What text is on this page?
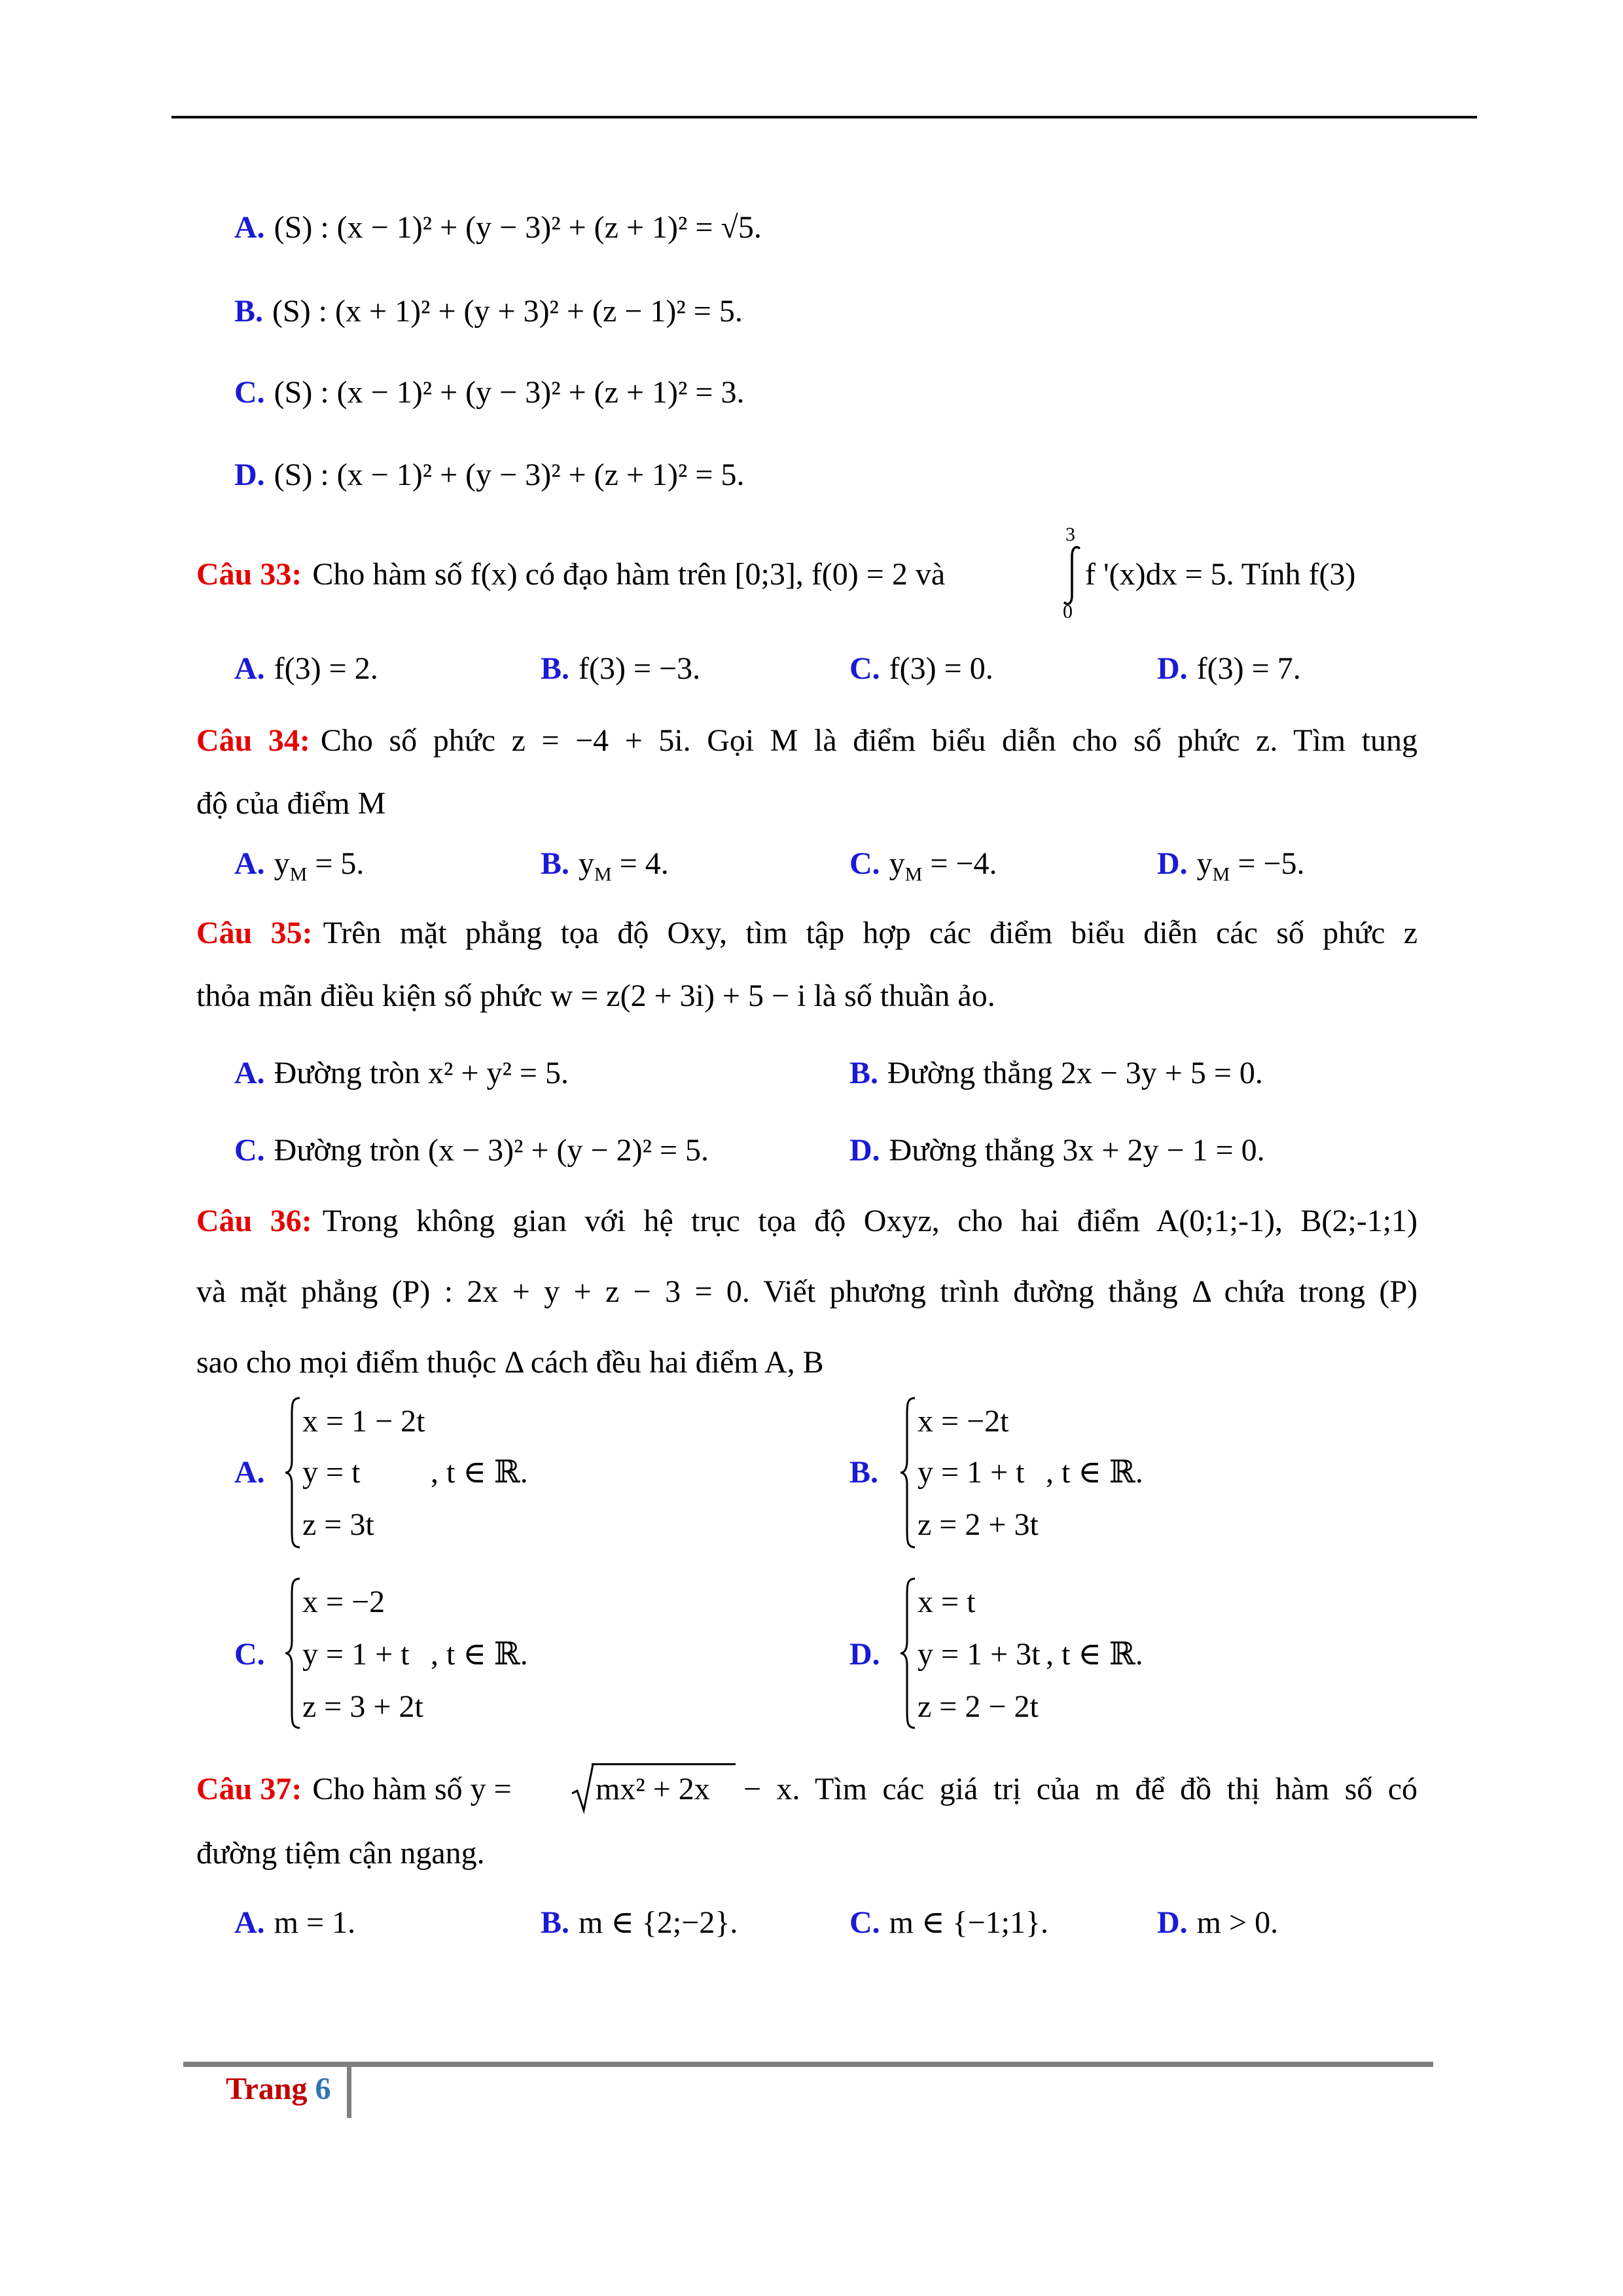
A. (S) : (x − 1)² + (y − 3)² + (z + 1)² = √5.
B. (S) : (x + 1)² + (y + 3)² + (z − 1)² = 5.
C. (S) : (x − 1)² + (y − 3)² + (z + 1)² = 3.
D. (S) : (x − 1)² + (y − 3)² + (z + 1)² = 5.
Câu 33: Cho hàm số f(x) có đạo hàm trên [0;3], f(0) = 2 và
3
0
f '(x)dx = 5. Tính f(3)
A. f(3) = 2.	B. f(3) = −3.	C. f(3) = 0.	D. f(3) = 7.
Câu 34: Cho số phức z = −4 + 5i. Gọi M là điểm biểu diễn cho số phức z. Tìm tung
độ của điểm M
A. $y_M = 5$.	B. $y_M = 4$.	C. $y_M = -4$.	D. $y_M = -5$.
Câu 35: Trên mặt phẳng tọa độ Oxy, tìm tập hợp các điểm biểu diễn các số phức z
thỏa mãn điều kiện số phức w = z(2 + 3i) + 5 − i là số thuần ảo.
A. Đường tròn x² + y² = 5.	B. Đường thẳng 2x − 3y + 5 = 0.
C. Đường tròn (x − 3)² + (y − 2)² = 5.	D. Đường thẳng 3x + 2y − 1 = 0.
Câu 36: Trong không gian với hệ trục tọa độ Oxyz, cho hai điểm A(0;1;-1), B(2;-1;1)
và mặt phẳng (P) : 2x + y + z − 3 = 0. Viết phương trình đường thẳng Δ chứa trong (P)
sao cho mọi điểm thuộc Δ cách đều hai điểm A, B
A.
x = 1 − 2t
y = t
z = 3t
, t ∈ ℝ.	B.
x = −2t
y = 1 + t
z = 2 + 3t
, t ∈ ℝ.
C.
x = −2
y = 1 + t
z = 3 + 2t
, t ∈ ℝ.	D.
x = t
y = 1 + 3t
z = 2 − 2t
, t ∈ ℝ.
Câu 37: Cho hàm số y =	mx² + 2x − x. Tìm các giá trị của m để đồ thị hàm số có
đường tiệm cận ngang.
A. m = 1.	B. m ∈ {2;−2}.	C. m ∈ {−1;1}.	D. m > 0.
Trang 6
